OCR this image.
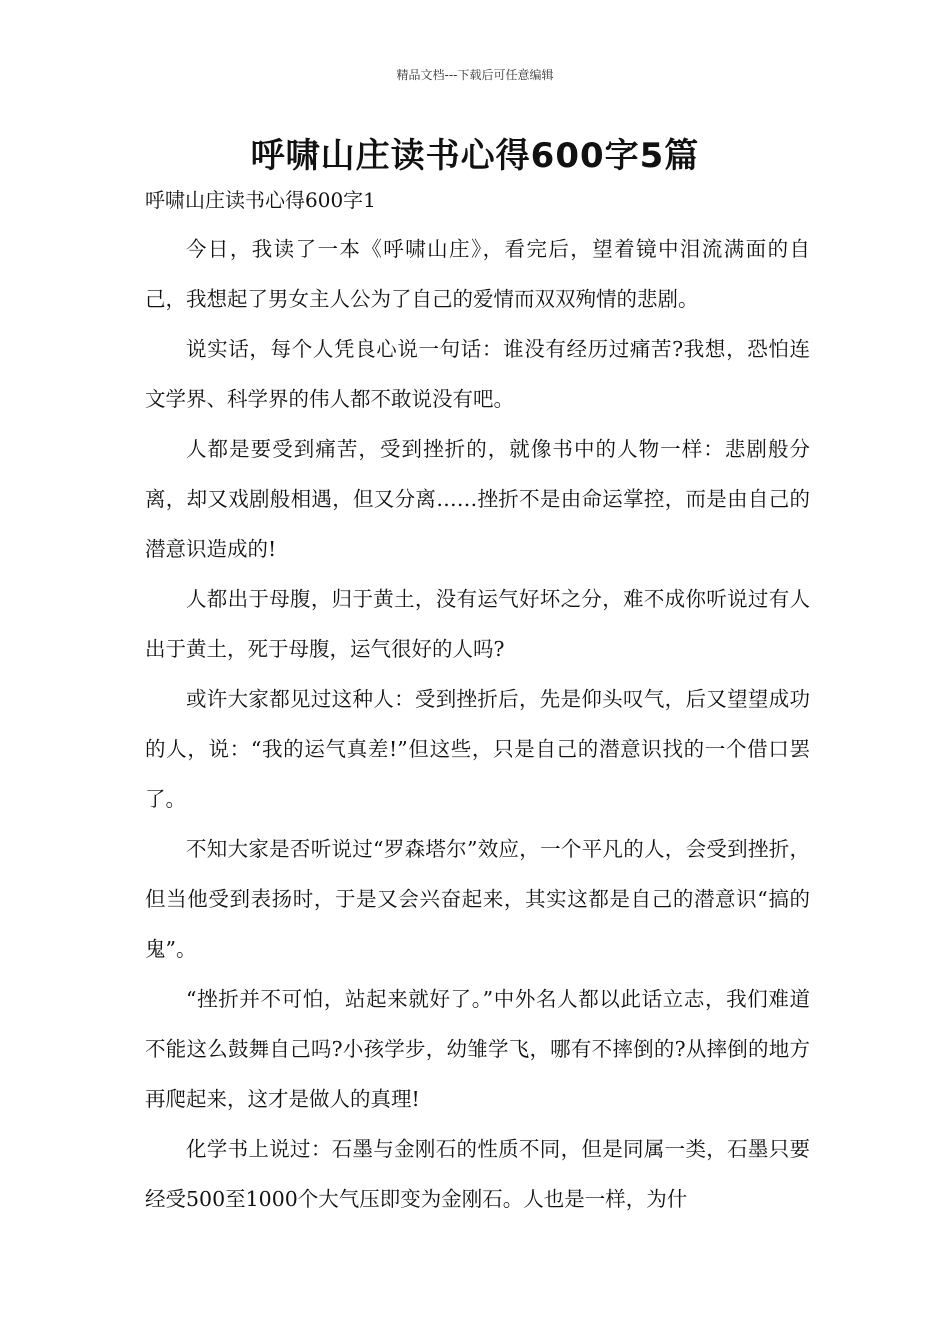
精品文档---下载后可任意编辑
呼啸山庄读书心得600字5篇
呼啸山庄读书心得600字1

今日，我读了一本《呼啸山庄》，看完后，望着镜中泪流满面的自己，我想起了男女主人公为了自己的爱情而双双殉情的悲剧。

说实话，每个人凭良心说一句话：谁没有经历过痛苦?我想，恐怕连文学界、科学界的伟人都不敢说没有吧。

人都是要受到痛苦，受到挫折的，就像书中的人物一样：悲剧般分离，却又戏剧般相遇，但又分离……挫折不是由命运掌控，而是由自己的潜意识造成的!

人都出于母腹，归于黄土，没有运气好坏之分，难不成你听说过有人出于黄土，死于母腹，运气很好的人吗?

或许大家都见过这种人：受到挫折后，先是仰头叹气，后又望望成功的人，说：“我的运气真差!”但这些，只是自己的潜意识找的一个借口罢了。

不知大家是否听说过“罗森塔尔”效应，一个平凡的人，会受到挫折，但当他受到表扬时，于是又会兴奋起来，其实这都是自己的潜意识“搞的鬼”。

“挫折并不可怕，站起来就好了。”中外名人都以此话立志，我们难道不能这么鼓舞自己吗?小孩学步，幼雏学飞，哪有不摔倒的?从摔倒的地方再爬起来，这才是做人的真理!

化学书上说过：石墨与金刚石的性质不同，但是同属一类，石墨只要经受500至1000个大气压即变为金刚石。人也是一样，为什
